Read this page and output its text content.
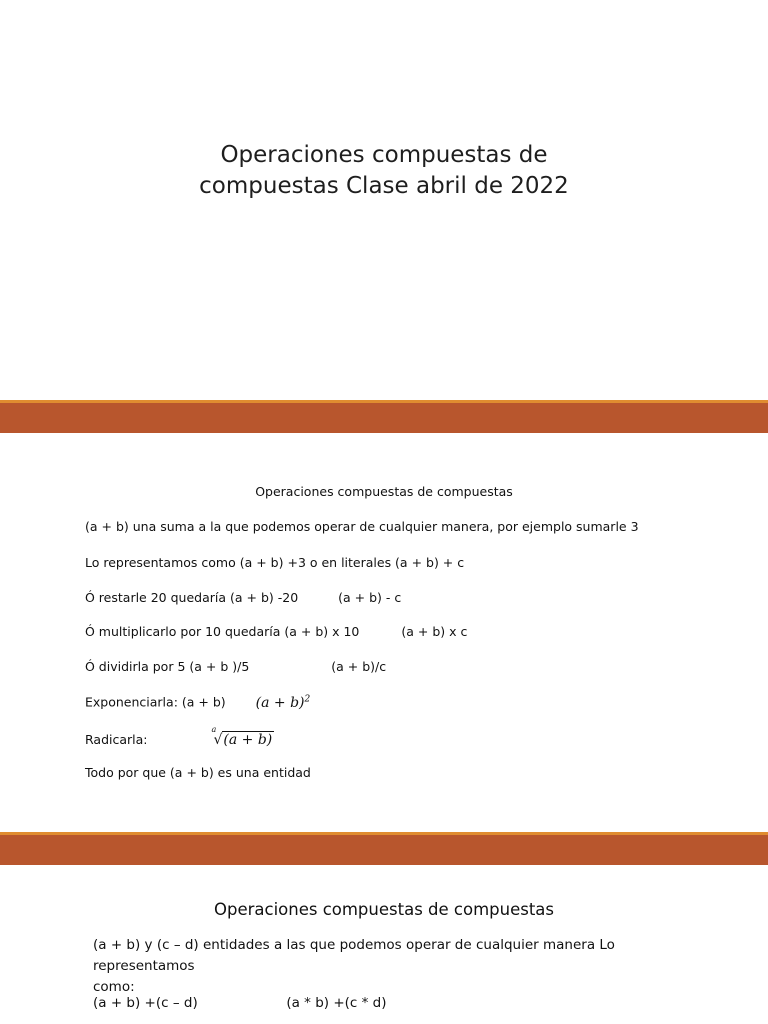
Operaciones compuestas de
compuestas Clase abril de 2022
Operaciones compuestas de compuestas
(a + b) una suma a la que podemos operar de cualquier manera, por ejemplo sumarle 3
Lo representamos como (a + b) +3 o en literales (a + b) + c
Ó restarle 20 quedaría (a + b) -20	(a + b) - c
Ó multiplicarlo por 10 quedaría (a + b) x 10	(a + b) x c
Ó dividirla por 5 (a + b )/5	(a + b)/c
Exponenciarla: (a + b) $(a + b)^2$
Radicarla:
a
√(a + b)
Todo por que (a + b) es una entidad
Operaciones compuestas de compuestas
(a + b) y (c – d) entidades a las que podemos operar de cualquier manera Lo representamos
como:
(a + b) +(c – d)	(a * b) +(c * d)
